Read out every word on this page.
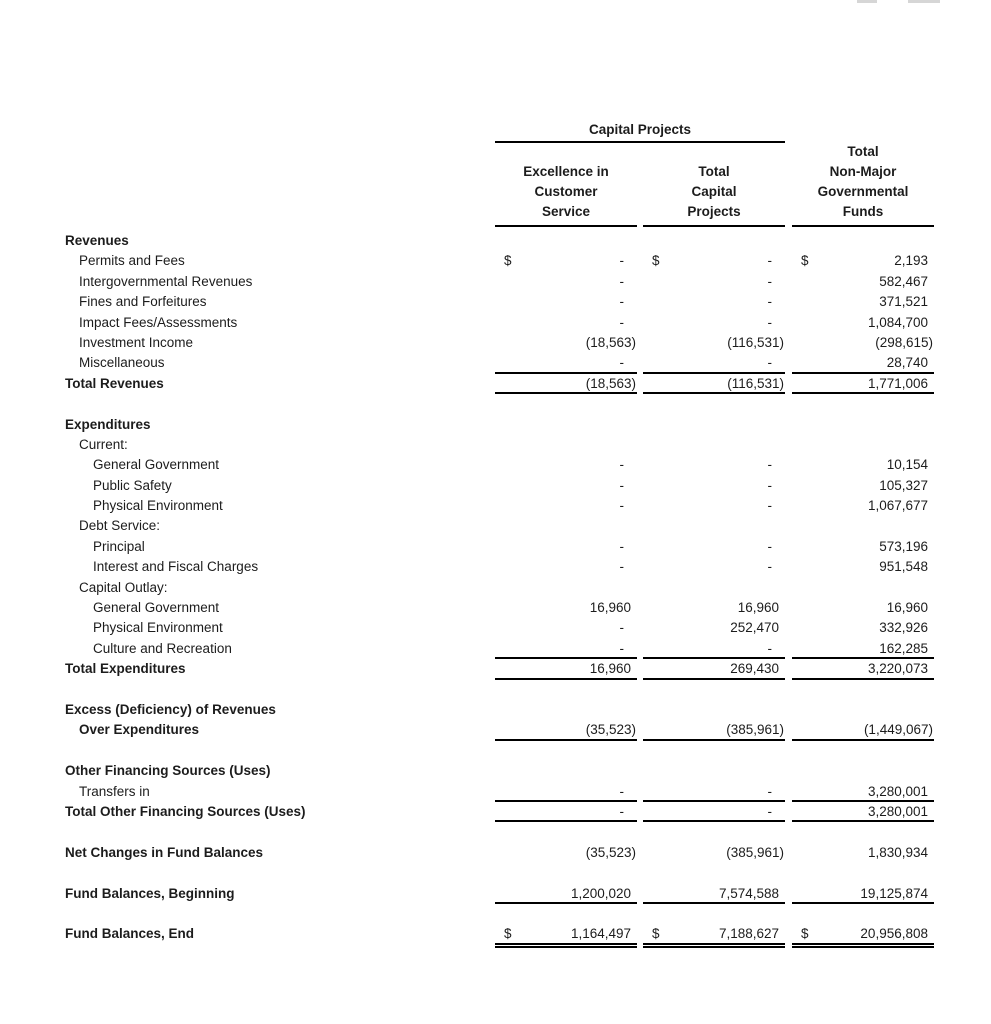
Capital Projects
Excellence in
Customer
Service
Total
Capital
Projects
Total
Non-Major
Governmental
Funds
Revenues
Permits and Fees	$	-	$	-	$	2,193
Intergovernmental Revenues	-	-	582,467
Fines and Forfeitures	-	-	371,521
Impact Fees/Assessments	-	-	1,084,700
Investment Income	(18,563)	(116,531)	(298,615)
Miscellaneous	-	-	28,740
Total Revenues	(18,563)	(116,531)	1,771,006
Expenditures
Current:
General Government	-	-	10,154
Public Safety	-	-	105,327
Physical Environment	-	-	1,067,677
Debt Service:
Principal	-	-	573,196
Interest and Fiscal Charges	-	-	951,548
Capital Outlay:
General Government	16,960	16,960	16,960
Physical Environment	-	252,470	332,926
Culture and Recreation	-	-	162,285
Total Expenditures	16,960	269,430	3,220,073
Excess (Deficiency) of Revenues
Over Expenditures	(35,523)	(385,961)	(1,449,067)
Other Financing Sources (Uses)
Transfers in	-	-	3,280,001
Total Other Financing Sources (Uses)	-	-	3,280,001
Net Changes in Fund Balances	(35,523)	(385,961)	1,830,934
Fund Balances, Beginning	1,200,020	7,574,588	19,125,874
Fund Balances, End	$	1,164,497	$	7,188,627	$	20,956,808
